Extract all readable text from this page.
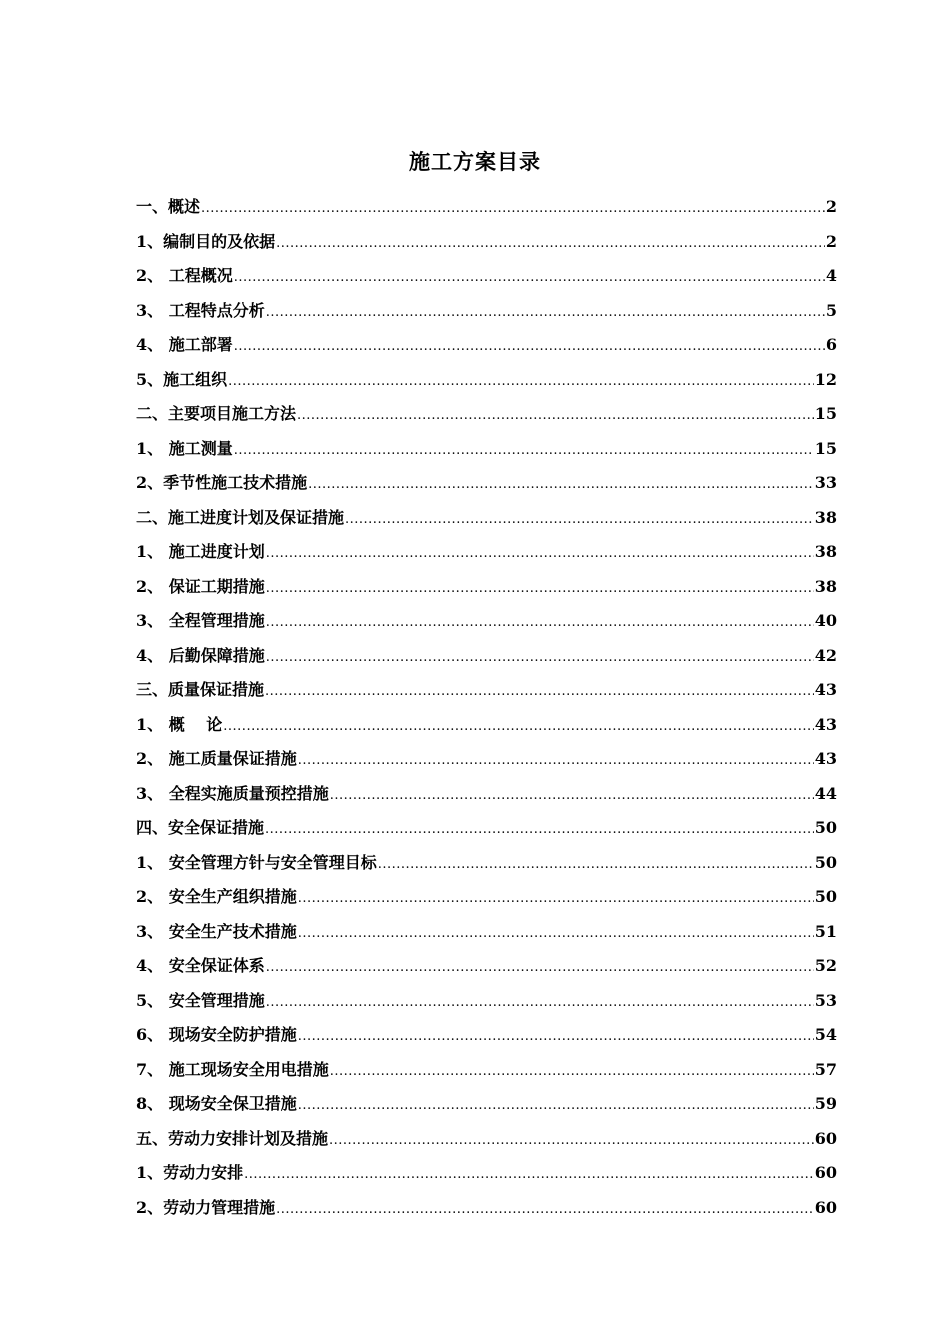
施工方案目录
一、概述 .....	2
1、编制目的及依据 .....	2
2、 工程概况 .....	4
3、 工程特点分析 .....	5
4、 施工部署 .....	6
5、施工组织 .....	12
二、主要项目施工方法 .....	15
1、 施工测量 .....	15
2、季节性施工技术措施 .....	33
二、施工进度计划及保证措施 .....	38
1、 施工进度计划 .....	38
2、 保证工期措施 .....	38
3、 全程管理措施 .....	40
4、 后勤保障措施 .....	42
三、质量保证措施 .....	43
1、 概　 论 .....	43
2、 施工质量保证措施 .....	43
3、 全程实施质量预控措施 .....	44
四、安全保证措施 .....	50
1、 安全管理方针与安全管理目标 .....	50
2、 安全生产组织措施 .....	50
3、 安全生产技术措施 .....	51
4、 安全保证体系 .....	52
5、 安全管理措施 .....	53
6、 现场安全防护措施 .....	54
7、 施工现场安全用电措施 .....	57
8、 现场安全保卫措施 .....	59
五、劳动力安排计划及措施 .....	60
1、劳动力安排 .....	60
2、劳动力管理措施 .....	60
